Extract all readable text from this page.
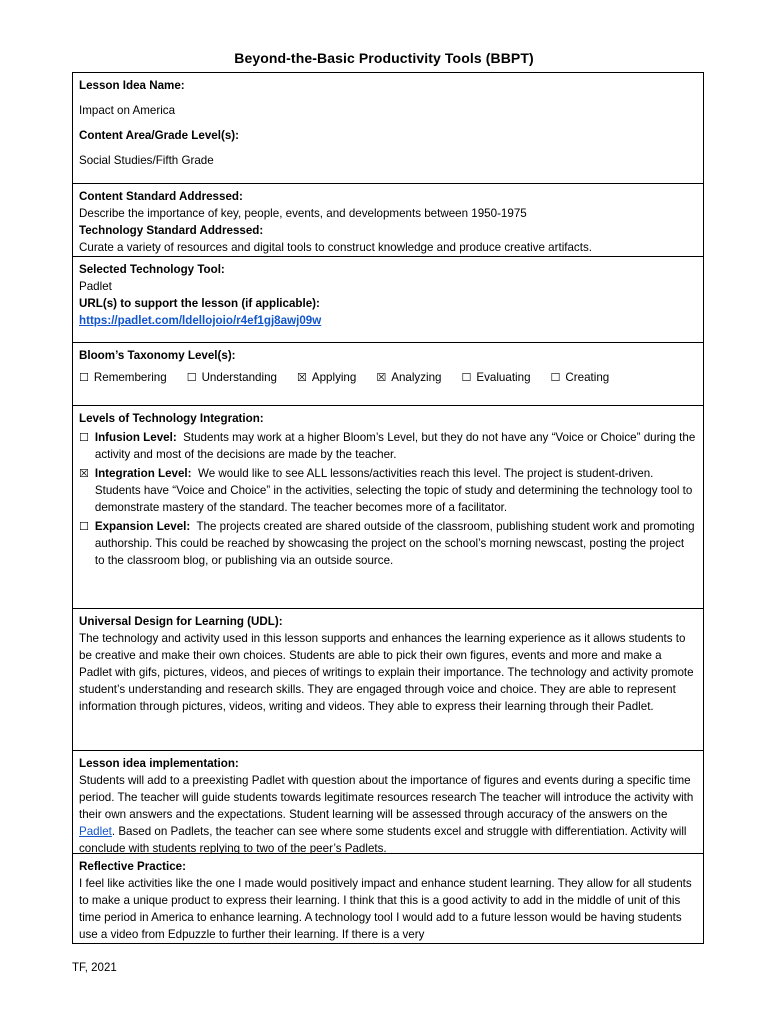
Beyond-the-Basic Productivity Tools (BBPT)
Lesson Idea Name:
Impact on America
Content Area/Grade Level(s):
Social Studies/Fifth Grade
Content Standard Addressed:
Describe the importance of key, people, events, and developments between 1950-1975
Technology Standard Addressed:
Curate a variety of resources and digital tools to construct knowledge and produce creative artifacts.
Selected Technology Tool:
Padlet
URL(s) to support the lesson (if applicable):
https://padlet.com/ldellojoio/r4ef1gj8awj09w
Bloom’s Taxonomy Level(s):
☐ Remembering ☐ Understanding ☒ Applying ☒ Analyzing ☐ Evaluating ☐ Creating
Levels of Technology Integration:
☐ Infusion Level: Students may work at a higher Bloom’s Level, but they do not have any “Voice or Choice” during the activity and most of the decisions are made by the teacher.
☒ Integration Level: We would like to see ALL lessons/activities reach this level. The project is student-driven. Students have “Voice and Choice” in the activities, selecting the topic of study and determining the technology tool to demonstrate mastery of the standard. The teacher becomes more of a facilitator.
☐ Expansion Level: The projects created are shared outside of the classroom, publishing student work and promoting authorship. This could be reached by showcasing the project on the school’s morning newscast, posting the project to the classroom blog, or publishing via an outside source.
Universal Design for Learning (UDL):
The technology and activity used in this lesson supports and enhances the learning experience as it allows students to be creative and make their own choices. Students are able to pick their own figures, events and more and make a Padlet with gifs, pictures, videos, and pieces of writings to explain their importance. The technology and activity promote student’s understanding and research skills. They are engaged through voice and choice. They are able to represent information through pictures, videos, writing and videos. They able to express their learning through their Padlet.
Lesson idea implementation:
Students will add to a preexisting Padlet with question about the importance of figures and events during a specific time period. The teacher will guide students towards legitimate resources research The teacher will introduce the activity with their own answers and the expectations. Student learning will be assessed through accuracy of the answers on the Padlet. Based on Padlets, the teacher can see where some students excel and struggle with differentiation. Activity will conclude with students replying to two of the peer’s Padlets.
Reflective Practice:
I feel like activities like the one I made would positively impact and enhance student learning. They allow for all students to make a unique product to express their learning. I think that this is a good activity to add in the middle of unit of this time period in America to enhance learning. A technology tool I would add to a future lesson would be having students use a video from Edpuzzle to further their learning. If there is a very
TF, 2021
